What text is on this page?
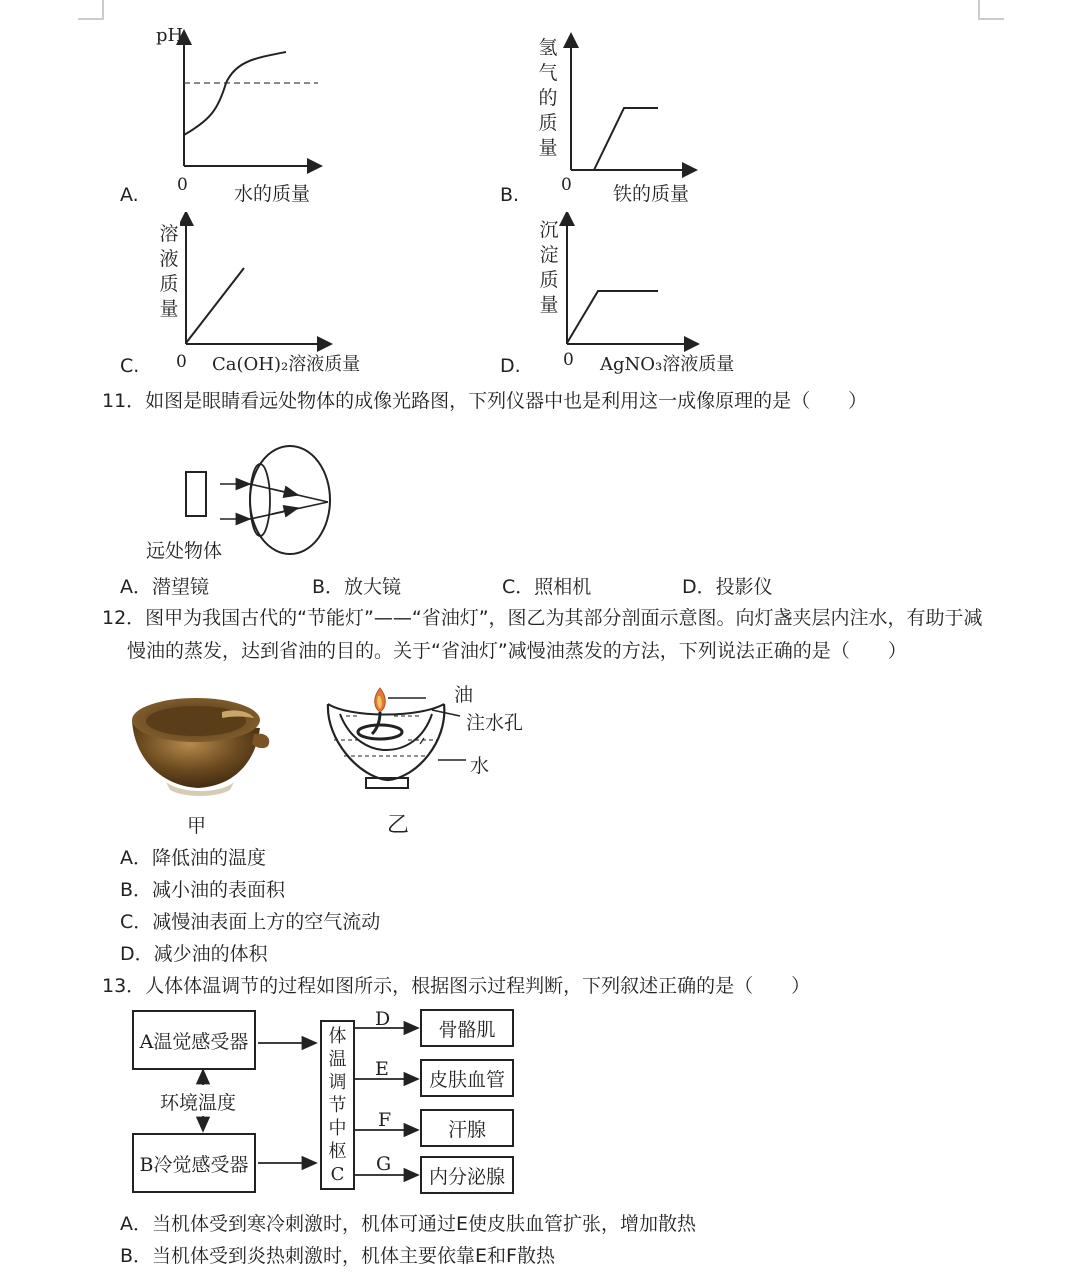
pH
0 水的质量
A.
氢
气
的
质
量
0 铁的质量
B.
溶
液
质
量
0 Ca(OH)₂溶液质量
C.
沉
淀
质
量
0 AgNO₃溶液质量
D.
11．如图是眼睛看远处物体的成像光路图，下列仪器中也是利用这一成像原理的是（　　）
远处物体
A．潜望镜	B．放大镜	C．照相机	D．投影仪
12．图甲为我国古代的“节能灯”——“省油灯”，图乙为其部分剖面示意图。向灯盏夹层内注水，有助于减
慢油的蒸发，达到省油的目的。关于“省油灯”减慢油蒸发的方法，下列说法正确的是（　　）
甲
油
注水孔
水
乙
A．降低油的温度
B．减小油的表面积
C．减慢油表面上方的空气流动
D．减少油的体积
13．人体体温调节的过程如图所示，根据图示过程判断，下列叙述正确的是（　　）
A温觉感受器
B冷觉感受器
环境温度
体
温
调
节
中
枢
C
D
E
F
G
骨骼肌
皮肤血管
汗腺
内分泌腺
A．当机体受到寒冷刺激时，机体可通过E使皮肤血管扩张，增加散热
B．当机体受到炎热刺激时，机体主要依靠E和F散热
